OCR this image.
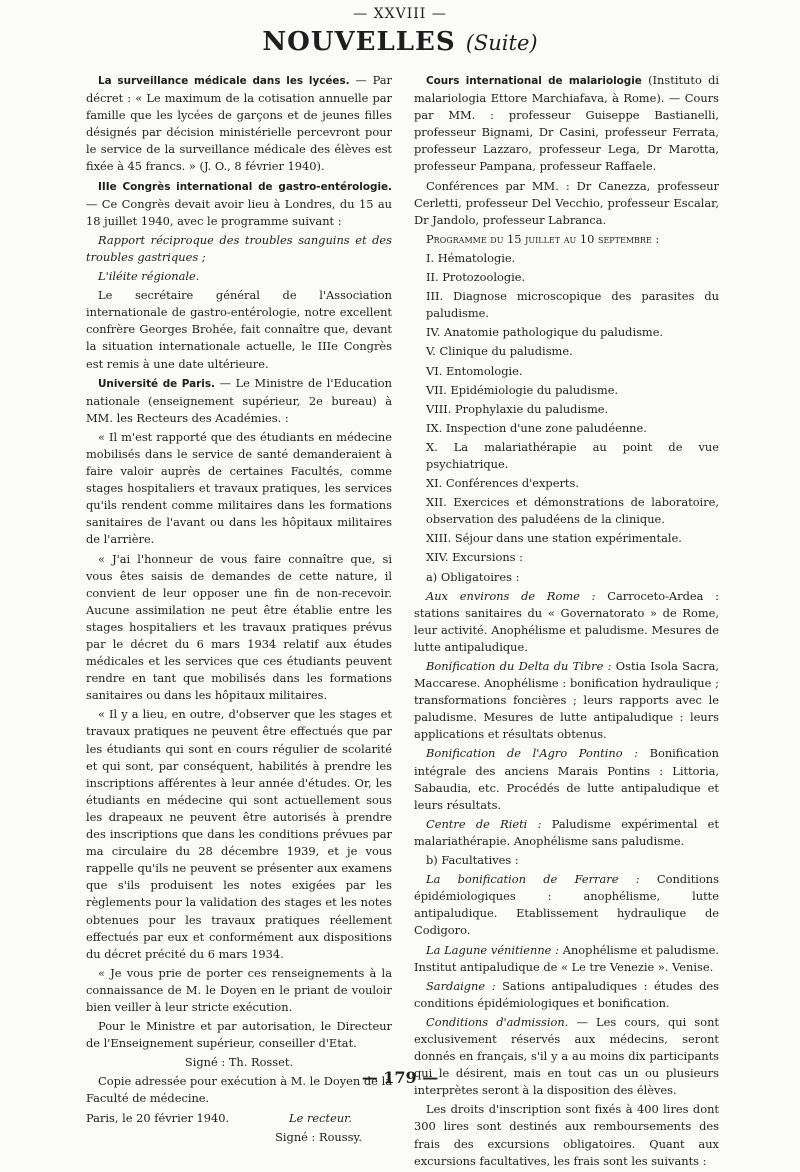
— XXVIII —
NOUVELLES (Suite)

La surveillance médicale dans les lycées. — Par décret : « Le maximum de la cotisation annuelle par famille que les lycées de garçons et de jeunes filles désignés par décision ministérielle percevront pour le service de la surveillance médicale des élèves est fixée à 45 francs. » (J. O., 8 février 1940).

IIIe Congrès international de gastro-entérologie. — Ce Congrès devait avoir lieu à Londres, du 15 au 18 juillet 1940, avec le programme suivant :

Rapport réciproque des troubles sanguins et des troubles gastriques ;

L'iléite régionale.

Le secrétaire général de l'Association internationale de gastro-entérologie, notre excellent confrère Georges Brohée, fait connaître que, devant la situation internationale actuelle, le IIIe Congrès est remis à une date ultérieure.

Université de Paris. — Le Ministre de l'Education nationale (enseignement supérieur, 2e bureau) à MM. les Recteurs des Académies. :

« Il m'est rapporté que des étudiants en médecine mobilisés dans le service de santé demanderaient à faire valoir auprès de certaines Facultés, comme stages hospitaliers et travaux pratiques, les services qu'ils rendent comme militaires dans les formations sanitaires de l'avant ou dans les hôpitaux militaires de l'arrière.

« J'ai l'honneur de vous faire connaître que, si vous êtes saisis de demandes de cette nature, il convient de leur opposer une fin de non-recevoir. Aucune assimilation ne peut être établie entre les stages hospitaliers et les travaux pratiques prévus par le décret du 6 mars 1934 relatif aux études médicales et les services que ces étudiants peuvent rendre en tant que mobilisés dans les formations sanitaires ou dans les hôpitaux militaires.

« Il y a lieu, en outre, d'observer que les stages et travaux pratiques ne peuvent être effectués que par les étudiants qui sont en cours régulier de scolarité et qui sont, par conséquent, habilités à prendre les inscriptions afférentes à leur année d'études. Or, les étudiants en médecine qui sont actuellement sous les drapeaux ne peuvent être autorisés à prendre des inscriptions que dans les conditions prévues par ma circulaire du 28 décembre 1939, et je vous rappelle qu'ils ne peuvent se présenter aux examens que s'ils produisent les notes exigées par les règlements pour la validation des stages et les notes obtenues pour les travaux pratiques réellement effectués par eux et conformément aux dispositions du décret précité du 6 mars 1934.

« Je vous prie de porter ces renseignements à la connaissance de M. le Doyen en le priant de vouloir bien veiller à leur stricte exécution.

Pour le Ministre et par autorisation, le Directeur de l'Enseignement supérieur, conseiller d'Etat.

Signé : Th. Rosset.

Copie adressée pour exécution à M. le Doyen de la Faculté de médecine.

Paris, le 20 février 1940.	Le recteur.

Signé : Roussy.

Cours international de malariologie (Instituto di malariologia Ettore Marchiafava, à Rome). — Cours par MM. : professeur Guiseppe Bastianelli, professeur Bignami, Dr Casini, professeur Ferrata, professeur Lazzaro, professeur Lega, Dr Marotta, professeur Pampana, professeur Raffaele.

Conférences par MM. : Dr Canezza, professeur Cerletti, professeur Del Vecchio, professeur Escalar, Dr Jandolo, professeur Labranca.

Programme du 15 juillet au 10 septembre :

I. Hématologie.

II. Protozoologie.

III. Diagnose microscopique des parasites du paludisme.

IV. Anatomie pathologique du paludisme.

V. Clinique du paludisme.

VI. Entomologie.

VII. Epidémiologie du paludisme.

VIII. Prophylaxie du paludisme.

IX. Inspection d'une zone paludéenne.

X. La malariathérapie au point de vue psychiatrique.

XI. Conférences d'experts.

XII. Exercices et démonstrations de laboratoire, observation des paludéens de la clinique.

XIII. Séjour dans une station expérimentale.

XIV. Excursions :

a) Obligatoires :

Aux environs de Rome : Carroceto-Ardea : stations sanitaires du « Governatorato » de Rome, leur activité. Anophélisme et paludisme. Mesures de lutte antipaludique.

Bonification du Delta du Tibre : Ostia Isola Sacra, Maccarese. Anophélisme : bonification hydraulique ; transformations foncières ; leurs rapports avec le paludisme. Mesures de lutte antipaludique : leurs applications et résultats obtenus.

Bonification de l'Agro Pontino : Bonification intégrale des anciens Marais Pontins : Littoria, Sabaudia, etc. Procédés de lutte antipaludique et leurs résultats.

Centre de Rieti : Paludisme expérimental et malariathérapie. Anophélisme sans paludisme.

b) Facultatives :

La bonification de Ferrare : Conditions épidémiologiques : anophélisme, lutte antipaludique. Etablissement hydraulique de Codigoro.

La Lagune vénitienne : Anophélisme et paludisme. Institut antipaludique de « Le tre Venezie ». Venise.

Sardaigne : Sations antipaludiques : études des conditions épidémiologiques et bonification.

Conditions d'admission. — Les cours, qui sont exclusivement réservés aux médecins, seront donnés en français, s'il y a au moins dix participants qui le désirent, mais en tout cas un ou plusieurs interprètes seront à la disposition des élèves.

Les droits d'inscription sont fixés à 400 lires dont 300 lires sont destinés aux remboursements des frais des excursions obligatoires. Quant aux excursions facultatives, les frais sont les suivants :

— 179 —
